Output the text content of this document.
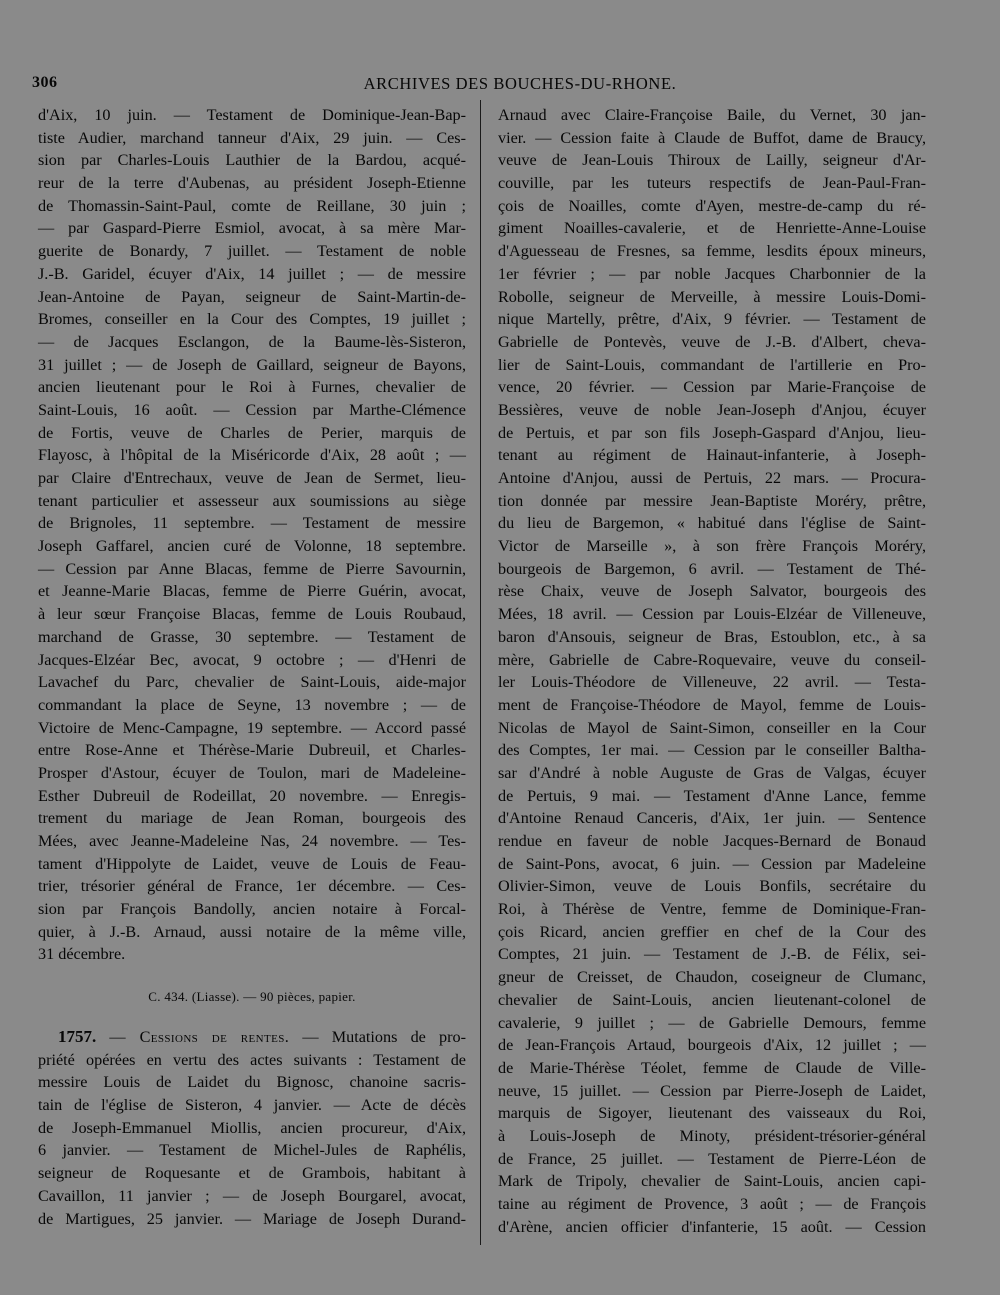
306	ARCHIVES DES BOUCHES-DU-RHONE.
d'Aix, 10 juin. — Testament de Dominique-Jean-Bap-
tiste Audier, marchand tanneur d'Aix, 29 juin. — Ces-
sion par Charles-Louis Lauthier de la Bardou, acqué-
reur de la terre d'Aubenas, au président Joseph-Etienne
de Thomassin-Saint-Paul, comte de Reillane, 30 juin ;
— par Gaspard-Pierre Esmiol, avocat, à sa mère Mar-
guerite de Bonardy, 7 juillet. — Testament de noble
J.-B. Garidel, écuyer d'Aix, 14 juillet ; — de messire
Jean-Antoine de Payan, seigneur de Saint-Martin-de-
Bromes, conseiller en la Cour des Comptes, 19 juillet ;
— de Jacques Esclangon, de la Baume-lès-Sisteron,
31 juillet ; — de Joseph de Gaillard, seigneur de Bayons,
ancien lieutenant pour le Roi à Furnes, chevalier de
Saint-Louis, 16 août. — Cession par Marthe-Clémence
de Fortis, veuve de Charles de Perier, marquis de
Flayosc, à l'hôpital de la Miséricorde d'Aix, 28 août ; —
par Claire d'Entrechaux, veuve de Jean de Sermet, lieu-
tenant particulier et assesseur aux soumissions au siège
de Brignoles, 11 septembre. — Testament de messire
Joseph Gaffarel, ancien curé de Volonne, 18 septembre.
— Cession par Anne Blacas, femme de Pierre Savournin,
et Jeanne-Marie Blacas, femme de Pierre Guérin, avocat,
à leur sœur Françoise Blacas, femme de Louis Roubaud,
marchand de Grasse, 30 septembre. — Testament de
Jacques-Elzéar Bec, avocat, 9 octobre ; — d'Henri de
Lavachef du Parc, chevalier de Saint-Louis, aide-major
commandant la place de Seyne, 13 novembre ; — de
Victoire de Menc-Campagne, 19 septembre. — Accord passé
entre Rose-Anne et Thérèse-Marie Dubreuil, et Charles-
Prosper d'Astour, écuyer de Toulon, mari de Madeleine-
Esther Dubreuil de Rodeillat, 20 novembre. — Enregis-
trement du mariage de Jean Roman, bourgeois des
Mées, avec Jeanne-Madeleine Nas, 24 novembre. — Tes-
tament d'Hippolyte de Laidet, veuve de Louis de Feau-
trier, trésorier général de France, 1er décembre. — Ces-
sion par François Bandolly, ancien notaire à Forcal-
quier, à J.-B. Arnaud, aussi notaire de la même ville,
31 décembre.
C. 434. (Liasse). — 90 pièces, papier.
1757. — Cessions de rentes. — Mutations de pro-
priété opérées en vertu des actes suivants : Testament de
messire Louis de Laidet du Bignosc, chanoine sacris-
tain de l'église de Sisteron, 4 janvier. — Acte de décès
de Joseph-Emmanuel Miollis, ancien procureur, d'Aix,
6 janvier. — Testament de Michel-Jules de Raphélis,
seigneur de Roquesante et de Grambois, habitant à
Cavaillon, 11 janvier ; — de Joseph Bourgarel, avocat,
de Martigues, 25 janvier. — Mariage de Joseph Durand-
Arnaud avec Claire-Françoise Baile, du Vernet, 30 jan-
vier. — Cession faite à Claude de Buffot, dame de Braucy,
veuve de Jean-Louis Thiroux de Lailly, seigneur d'Ar-
couville, par les tuteurs respectifs de Jean-Paul-Fran-
çois de Noailles, comte d'Ayen, mestre-de-camp du ré-
giment Noailles-cavalerie, et de Henriette-Anne-Louise
d'Aguesseau de Fresnes, sa femme, lesdits époux mineurs,
1er février ; — par noble Jacques Charbonnier de la
Robolle, seigneur de Merveille, à messire Louis-Domi-
nique Martelly, prêtre, d'Aix, 9 février. — Testament de
Gabrielle de Pontevès, veuve de J.-B. d'Albert, cheva-
lier de Saint-Louis, commandant de l'artillerie en Pro-
vence, 20 février. — Cession par Marie-Françoise de
Bessières, veuve de noble Jean-Joseph d'Anjou, écuyer
de Pertuis, et par son fils Joseph-Gaspard d'Anjou, lieu-
tenant au régiment de Hainaut-infanterie, à Joseph-
Antoine d'Anjou, aussi de Pertuis, 22 mars. — Procura-
tion donnée par messire Jean-Baptiste Moréry, prêtre,
du lieu de Bargemon, « habitué dans l'église de Saint-
Victor de Marseille », à son frère François Moréry,
bourgeois de Bargemon, 6 avril. — Testament de Thé-
rèse Chaix, veuve de Joseph Salvator, bourgeois des
Mées, 18 avril. — Cession par Louis-Elzéar de Villeneuve,
baron d'Ansouis, seigneur de Bras, Estoublon, etc., à sa
mère, Gabrielle de Cabre-Roquevaire, veuve du conseil-
ler Louis-Théodore de Villeneuve, 22 avril. — Testa-
ment de Françoise-Théodore de Mayol, femme de Louis-
Nicolas de Mayol de Saint-Simon, conseiller en la Cour
des Comptes, 1er mai. — Cession par le conseiller Baltha-
sar d'André à noble Auguste de Gras de Valgas, écuyer
de Pertuis, 9 mai. — Testament d'Anne Lance, femme
d'Antoine Renaud Canceris, d'Aix, 1er juin. — Sentence
rendue en faveur de noble Jacques-Bernard de Bonaud
de Saint-Pons, avocat, 6 juin. — Cession par Madeleine
Olivier-Simon, veuve de Louis Bonfils, secrétaire du
Roi, à Thérèse de Ventre, femme de Dominique-Fran-
çois Ricard, ancien greffier en chef de la Cour des
Comptes, 21 juin. — Testament de J.-B. de Félix, sei-
gneur de Creisset, de Chaudon, coseigneur de Clumanc,
chevalier de Saint-Louis, ancien lieutenant-colonel de
cavalerie, 9 juillet ; — de Gabrielle Demours, femme
de Jean-François Artaud, bourgeois d'Aix, 12 juillet ; —
de Marie-Thérèse Téolet, femme de Claude de Ville-
neuve, 15 juillet. — Cession par Pierre-Joseph de Laidet,
marquis de Sigoyer, lieutenant des vaisseaux du Roi,
à Louis-Joseph de Minoty, président-trésorier-général
de France, 25 juillet. — Testament de Pierre-Léon de
Mark de Tripoly, chevalier de Saint-Louis, ancien capi-
taine au régiment de Provence, 3 août ; — de François
d'Arène, ancien officier d'infanterie, 15 août. — Cession
